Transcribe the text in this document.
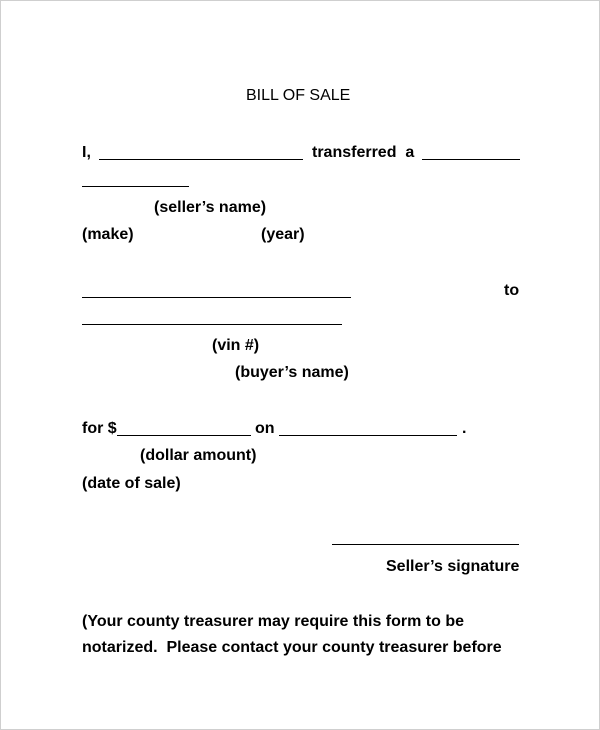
BILL OF SALE
I,	transferred  a
(seller’s name)
(make)	(year)
to
(vin #)
(buyer’s name)
for $	on	.
(dollar amount)
(date of sale)
Seller’s signature
(Your county treasurer may require this form to be
notarized.  Please contact your county treasurer before
